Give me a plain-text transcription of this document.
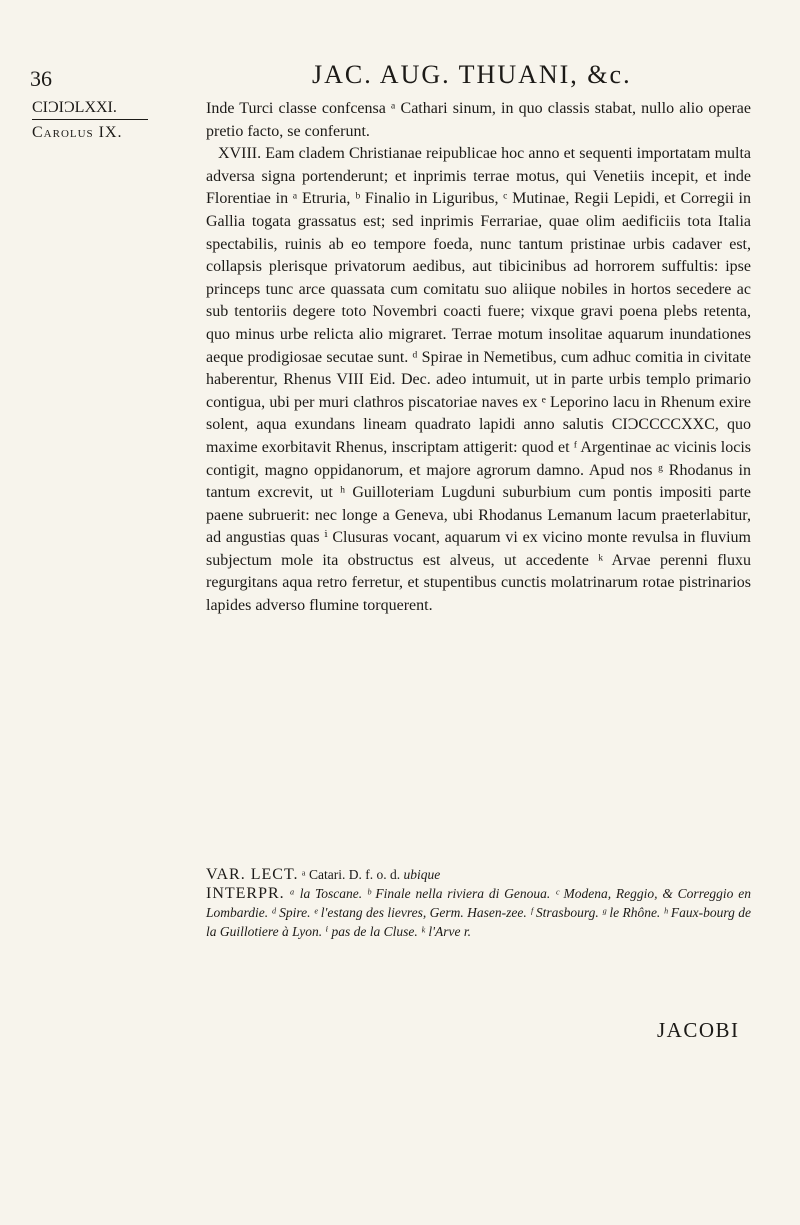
36	JAC. AUG. THUANI, &c.
CIƆIƆLXXI.
Carolus IX.

Inde Turci classe confcensa ᵃ Cathari sinum, in quo classis stabat, nullo alio operae pretio facto, se conferunt.

XVIII. Eam cladem Christianae reipublicae hoc anno et sequenti importatam multa adversa signa portenderunt; et inprimis terrae motus, qui Venetiis incepit, et inde Florentiae in ᵃ Etruria, ᵇ Finalio in Liguribus, ᶜ Mutinae, Regii Lepidi, et Corregii in Gallia togata grassatus est; sed inprimis Ferrariae, quae olim aedificiis tota Italia spectabilis, ruinis ab eo tempore foeda, nunc tantum pristinae urbis cadaver est, collapsis plerisque privatorum aedibus, aut tibicinibus ad horrorem suffultis: ipse princeps tunc arce quassata cum comitatu suo aliique nobiles in hortos secedere ac sub tentoriis degere toto Novembri coacti fuere; vixque gravi poena plebs retenta, quo minus urbe relicta alio migraret. Terrae motum insolitae aquarum inundationes aeque prodigiosae secutae sunt. ᵈ Spirae in Nemetibus, cum adhuc comitia in civitate haberentur, Rhenus VIII Eid. Dec. adeo intumuit, ut in parte urbis templo primario contigua, ubi per muri clathros piscatoriae naves ex ᵉ Leporino lacu in Rhenum exire solent, aqua exundans lineam quadrato lapidi anno salutis CIƆCCCCXXC, quo maxime exorbitavit Rhenus, inscriptam attigerit: quod et ᶠ Argentinae ac vicinis locis contigit, magno oppidanorum, et majore agrorum damno. Apud nos ᵍ Rhodanus in tantum excrevit, ut ʰ Guilloteriam Lugduni suburbium cum pontis impositi parte paene subruerit: nec longe a Geneva, ubi Rhodanus Lemanum lacum praeterlabitur, ad angustias quas ⁱ Clusuras vocant, aquarum vi ex vicino monte revulsa in fluvium subjectum mole ita obstructus est alveus, ut accedente ᵏ Arvae perenni fluxu regurgitans aqua retro ferretur, et stupentibus cunctis molatrinarum rotae pistrinarios lapides adverso flumine torquerent.

VAR. LECT. ᵃ Catari. D. f. o. d. ubique

INTERPR. ᵃ la Toscane. ᵇ Finale nella riviera di Genoua. ᶜ Modena, Reggio, & Correggio en Lombardie. ᵈ Spire. ᵉ l'estang des lievres, Germ. Hasen-zee. ᶠ Strasbourg. ᵍ le Rhône. ʰ Faux-bourg de la Guillotiere à Lyon. ⁱ pas de la Cluse. ᵏ l'Arve r.

JACOBI
